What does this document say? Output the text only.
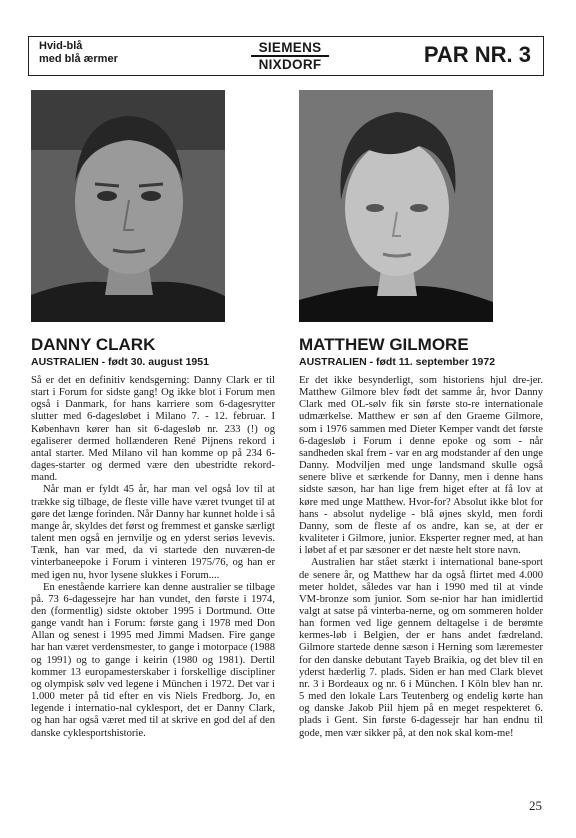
Hvid-blå
med blå ærmer
SIEMENS
NIXDORF	PAR NR. 3
DANNY CLARK
AUSTRALIEN - født 30. august 1951
MATTHEW GILMORE
AUSTRALIEN - født 11. september 1972

Så er det en definitiv kendsgerning: Danny Clark er til start i Forum for sidste gang! Og ikke blot i Forum men også i Danmark, for hans karriere som 6-dagesrytter slutter med 6-dagesløbet i Milano 7. - 12. februar. I København kører han sit 6-dagesløb nr. 233 (!) og egaliserer dermed hollænderen René Pijnens rekord i antal starter. Med Milano vil han komme op på 234 6-dages-starter og dermed være den ubestridte rekord-mand.

Når man er fyldt 45 år, har man vel også lov til at trække sig tilbage, de fleste ville have været tvunget til at gøre det længe forinden. Når Danny har kunnet holde i så mange år, skyldes det først og fremmest et ganske særligt talent men også en jernvilje og en yderst seriøs levevis. Tænk, han var med, da vi startede den nuværen-de vinterbaneepoke i Forum i vinteren 1975/76, og han er med igen nu, hvor lysene slukkes i Forum....

En enestående karriere kan denne australier se tilbage på. 73 6-dagessejre har han vundet, den første i 1974, den (formentlig) sidste oktober 1995 i Dortmund. Otte gange vandt han i Forum: første gang i 1978 med Don Allan og senest i 1995 med Jimmi Madsen. Fire gange har han været verdensmester, to gange i motorpace (1988 og 1991) og to gange i keirin (1980 og 1981). Dertil kommer 13 europamesterskaber i forskellige discipliner og olympisk sølv ved legene i München i 1972. Det var i 1.000 meter på tid efter en vis Niels Fredborg. Jo, en legende i internatio-nal cyklesport, det er Danny Clark, og han har også været med til at skrive en god del af den danske cyklesportshistorie.

Er det ikke besynderligt, som historiens hjul dre-jer. Matthew Gilmore blev født det samme år, hvor Danny Clark med OL-sølv fik sin første sto-re internationale udmærkelse. Matthew er søn af den Graeme Gilmore, som i 1976 sammen med Dieter Kemper vandt det første 6-dagesløb i Forum i denne epoke og som - når sandheden skal frem - var en arg modstander af den unge Danny. Modviljen med unge landsmand skulle også senere blive et særkende for Danny, men i denne hans sidste sæson, har han lige frem higet efter at få lov at køre med unge Matthew. Hvor-for? Absolut ikke blot for hans - absolut nydelige - blå øjnes skyld, men fordi Danny, som de fleste af os andre, kan se, at der er kvaliteter i Gilmore, junior. Eksperter regner med, at han i løbet af et par sæsoner er det næste helt store navn.

Australien har stået stærkt i international bane-sport de senere år, og Matthew har da også flirtet med 4.000 meter holdet, således var han i 1990 med til at vinde VM-bronze som junior. Som se-nior har han imidlertid valgt at satse på vinterba-nerne, og om sommeren holder han formen ved lige gennem deltagelse i de berømte kermes-løb i Belgien, der er hans andet fædreland. Gilmore startede denne sæson i Herning som læremester for den danske debutant Tayeb Braikia, og det blev til en yderst hæderlig 7. plads. Siden er han med Clark blevet nr. 3 i Bordeaux og nr. 6 i München. I Köln blev han nr. 5 med den lokale Lars Teutenberg og endelig kørte han og danske Jakob Piil hjem på en meget respekteret 6. plads i Gent. Sin første 6-dagessejr har han endnu til gode, men vær sikker på, at den nok skal kom-me!

25
